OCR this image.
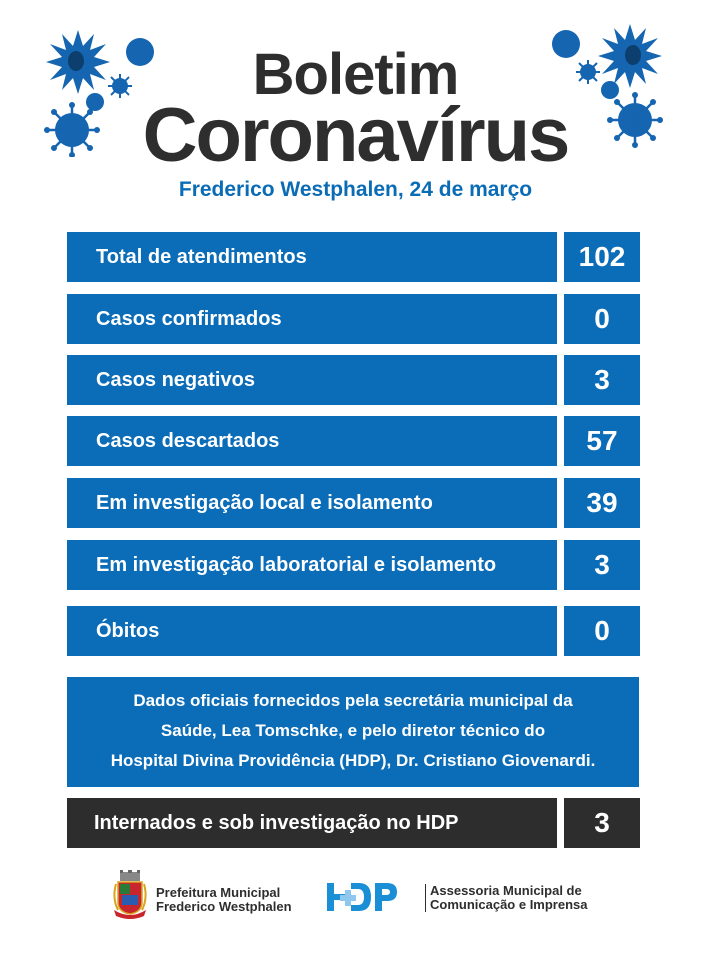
Boletim
Coronavírus
Frederico Westphalen, 24 de março
Total de atendimentos	102
Casos confirmados	0
Casos negativos	3
Casos descartados	57
Em investigação local e isolamento	39
Em investigação laboratorial e isolamento	3
Óbitos	0
Dados oficiais fornecidos pela secretária municipal da
Saúde, Lea Tomschke, e pelo diretor técnico do
Hospital Divina Providência (HDP), Dr. Cristiano Giovenardi.
Internados e sob investigação no HDP	3
Prefeitura Municipal
Frederico Westphalen
Assessoria Municipal de
Comunicação e Imprensa
